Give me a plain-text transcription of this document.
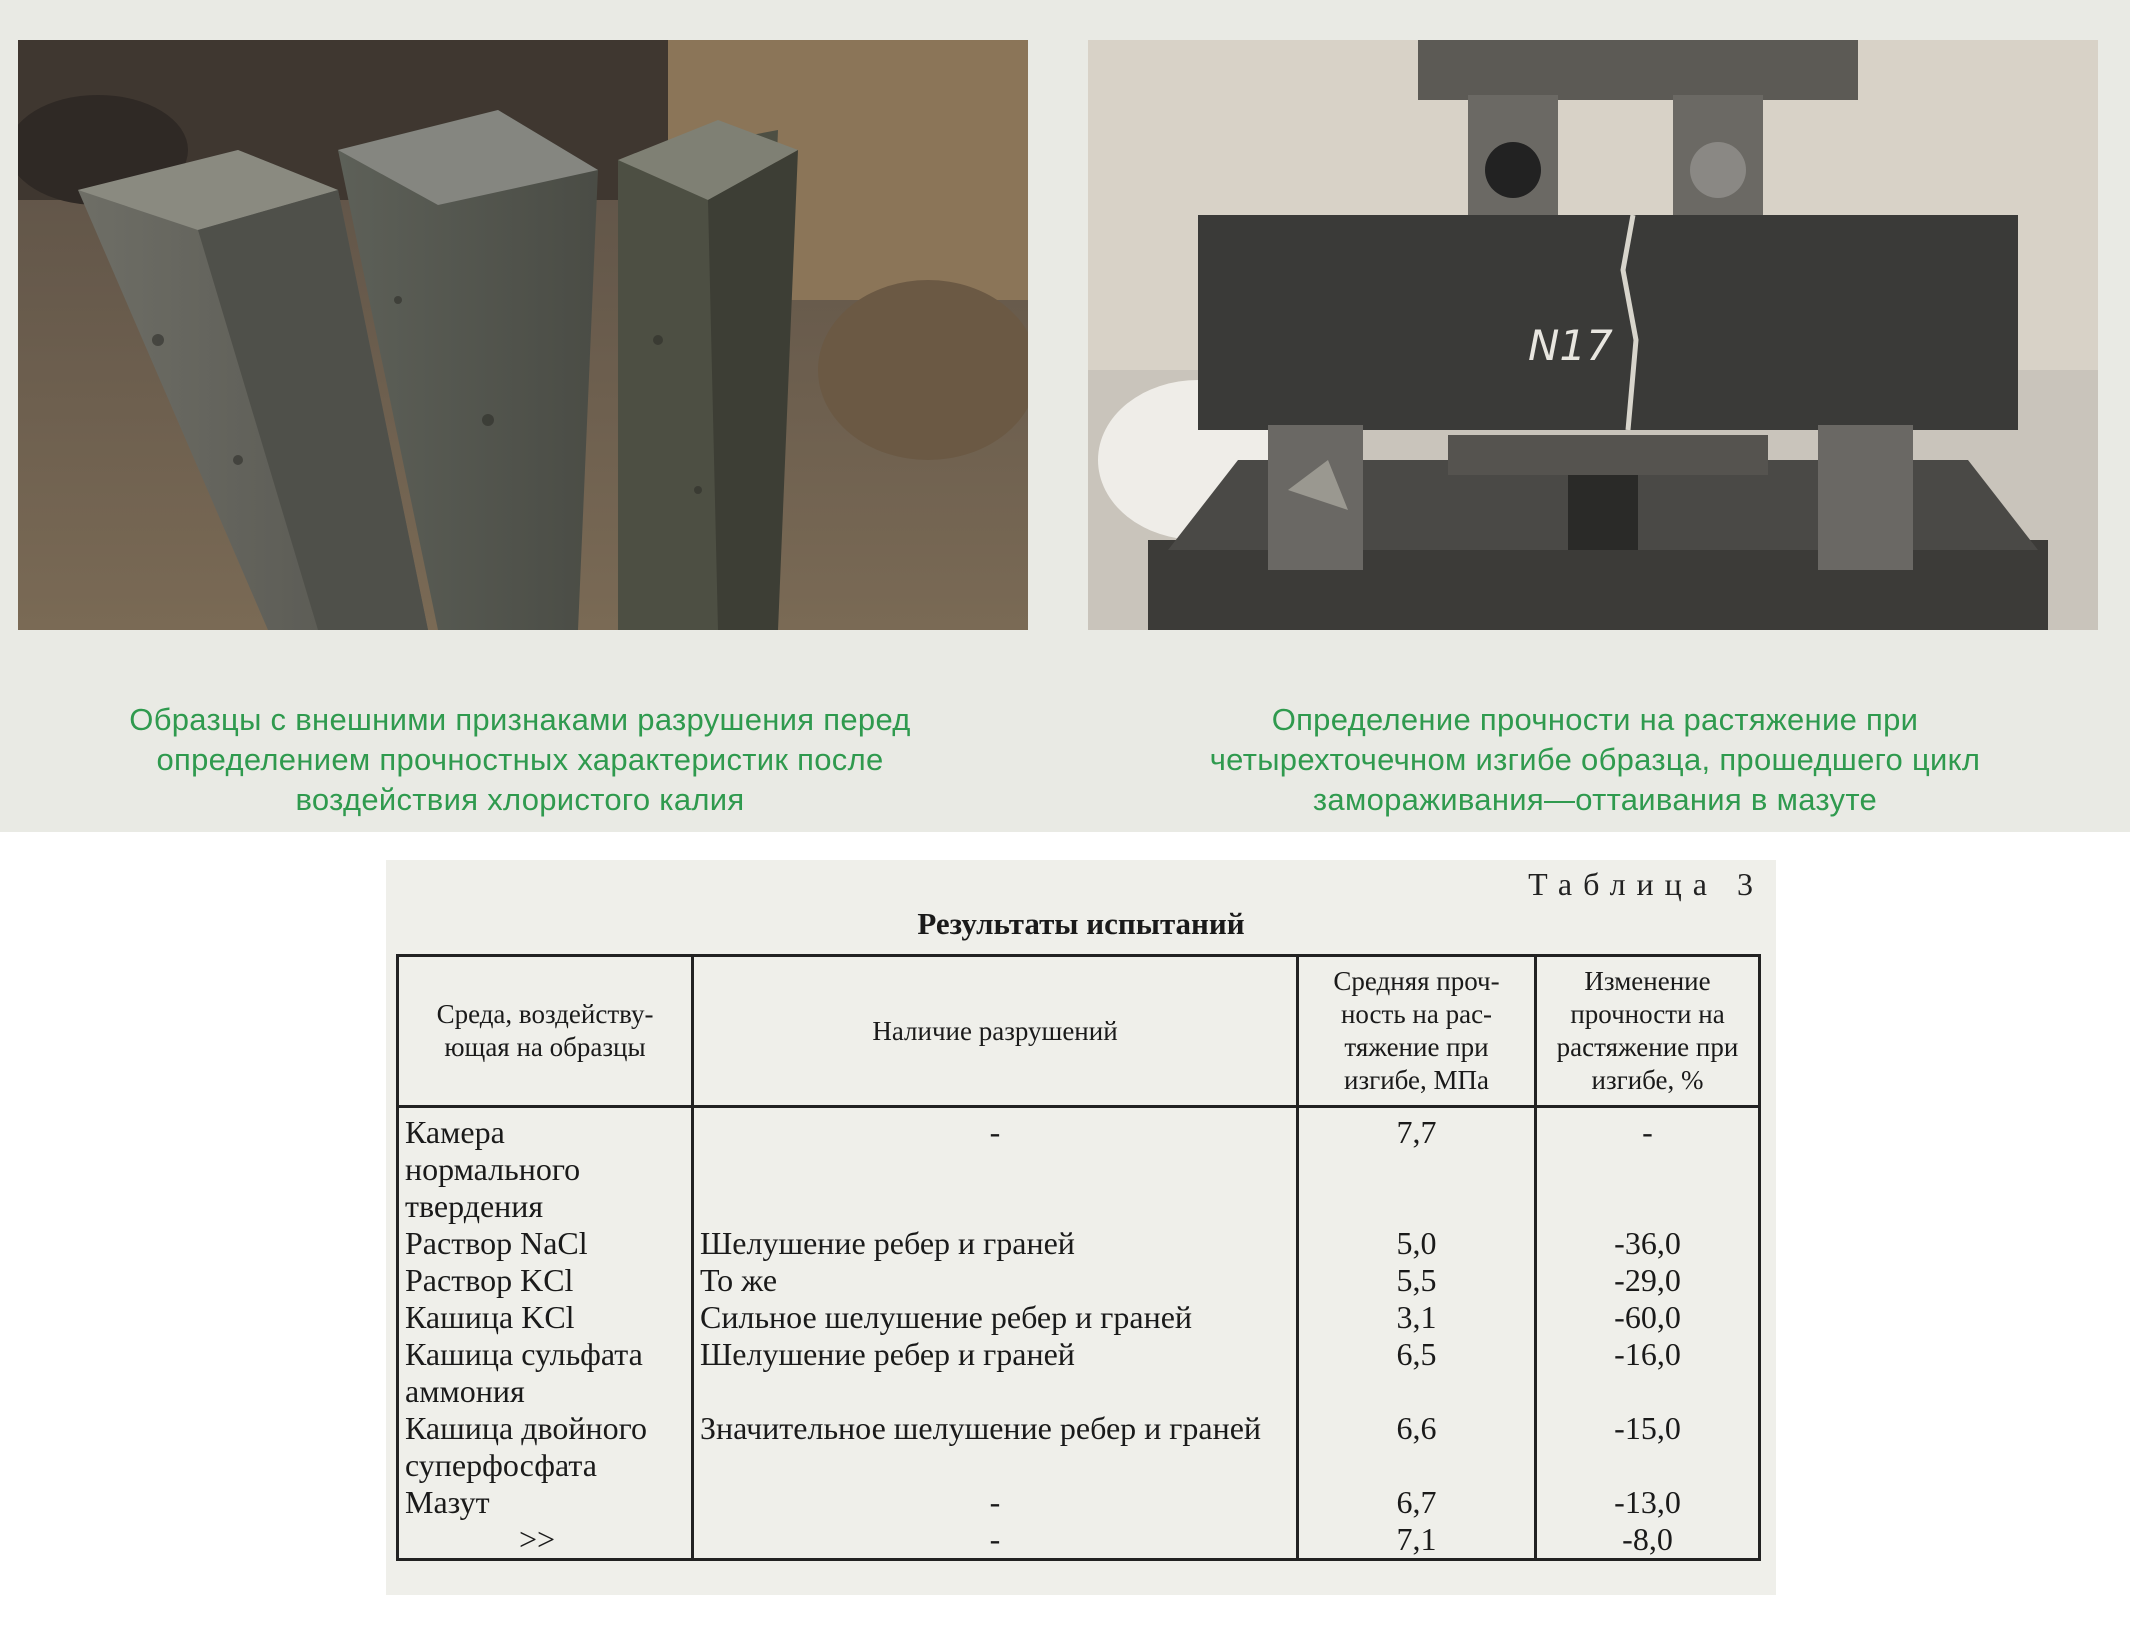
N17
Образцы с внешними признаками разрушения перед
определением прочностных характеристик после
воздействия хлористого калия
Определение прочности на растяжение при
четырехточечном изгибе образца, прошедшего цикл
замораживания—оттаивания в мазуте
Таблица 3
Результаты испытаний
Среда, воздейству-ющая на образцы	Наличие разрушений	Средняя проч-ность на рас-тяжение при изгибе, МПа	Изменение прочности на растяжение при изгибе, %
Камера нормального твердения	-	7,7	-
Раствор NaCl	Шелушение ребер и граней	5,0	-36,0
Раствор KCl	То же	5,5	-29,0
Кашица KCl	Сильное шелушение ребер и граней	3,1	-60,0
Кашица сульфата аммония	Шелушение ребер и граней	6,5	-16,0
Кашица двойного суперфосфата	Значительное шелушение ребер и граней	6,6	-15,0
Мазут	-	6,7	-13,0
>>	-	7,1	-8,0
